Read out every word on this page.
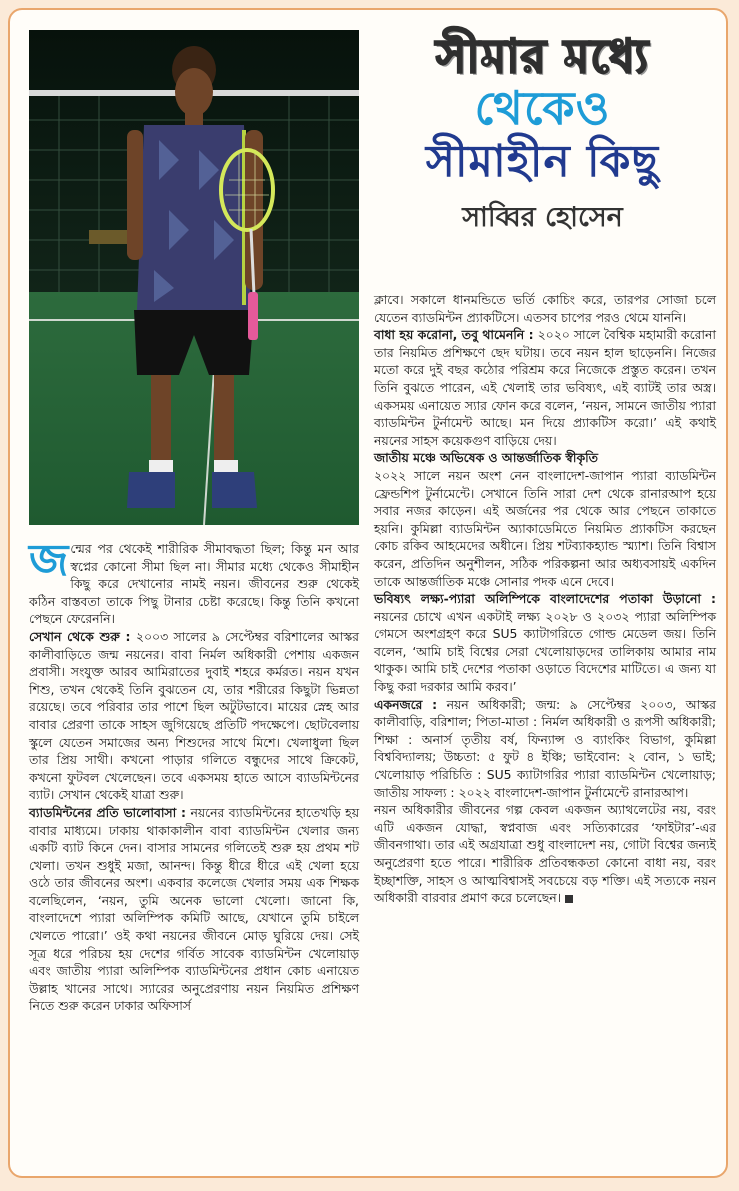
সীমার মধ্যে
থেকেও
সীমাহীন কিছু
সাব্বির হোসেন

জন্মের পর থেকেই শারীরিক সীমাবদ্ধতা ছিল; কিন্তু মন আর স্বপ্নের কোনো সীমা ছিল না। সীমার মধ্যে থেকেও সীমাহীন কিছু করে দেখানোর নামই নয়ন। জীবনের শুরু থেকেই কঠিন বাস্তবতা তাকে পিছু টানার চেষ্টা করেছে। কিন্তু তিনি কখনো পেছনে ফেরেননি।

সেখান থেকে শুরু : ২০০৩ সালের ৯ সেপ্টেম্বর বরিশালের আস্কর কালীবাড়িতে জন্ম নয়নের। বাবা নির্মল অধিকারী পেশায় একজন প্রবাসী। সংযুক্ত আরব আমিরাতের দুবাই শহরে কর্মরত। নয়ন যখন শিশু, তখন থেকেই তিনি বুঝতেন যে, তার শরীরের কিছুটা ভিন্নতা রয়েছে। তবে পরিবার তার পাশে ছিল অটুটভাবে। মায়ের স্নেহ আর বাবার প্রেরণা তাকে সাহস জুগিয়েছে প্রতিটি পদক্ষেপে। ছোটবেলায় স্কুলে যেতেন সমাজের অন্য শিশুদের সাথে মিশে। খেলাধুলা ছিল তার প্রিয় সাথী। কখনো পাড়ার গলিতে বন্ধুদের সাথে ক্রিকেট, কখনো ফুটবল খেলেছেন। তবে একসময় হাতে আসে ব্যাডমিন্টনের ব্যাট। সেখান থেকেই যাত্রা শুরু।

ব্যাডমিন্টনের প্রতি ভালোবাসা : নয়নের ব্যাডমিন্টনের হাতেখড়ি হয় বাবার মাধ্যমে। ঢাকায় থাকাকালীন বাবা ব্যাডমিন্টন খেলার জন্য একটি ব্যাট কিনে দেন। বাসার সামনের গলিতেই শুরু হয় প্রথম শট খেলা। তখন শুধুই মজা, আনন্দ। কিন্তু ধীরে ধীরে এই খেলা হয়ে ওঠে তার জীবনের অংশ। একবার কলেজে খেলার সময় এক শিক্ষক বলেছিলেন, ‘নয়ন, তুমি অনেক ভালো খেলো। জানো কি, বাংলাদেশে প্যারা অলিম্পিক কমিটি আছে, যেখানে তুমি চাইলে খেলতে পারো।’ ওই কথা নয়নের জীবনে মোড় ঘুরিয়ে দেয়। সেই সূত্র ধরে পরিচয় হয় দেশের গর্বিত সাবেক ব্যাডমিন্টন খেলোয়াড় এবং জাতীয় প্যারা অলিম্পিক ব্যাডমিন্টনের প্রধান কোচ এনায়েত উল্লাহ খানের সাথে। স্যারের অনুপ্রেরণায় নয়ন নিয়মিত প্রশিক্ষণ নিতে শুরু করেন ঢাকার অফিসার্স

ক্লাবে। সকালে ধানমন্ডিতে ভর্তি কোচিং করে, তারপর সোজা চলে যেতেন ব্যাডমিন্টন প্র্যাকটিসে। এতসব চাপের পরও থেমে যাননি।

বাধা হয় করোনা, তবু থামেননি : ২০২০ সালে বৈশ্বিক মহামারী করোনা তার নিয়মিত প্রশিক্ষণে ছেদ ঘটায়। তবে নয়ন হাল ছাড়েননি। নিজের মতো করে দুই বছর কঠোর পরিশ্রম করে নিজেকে প্রস্তুত করেন। তখন তিনি বুঝতে পারেন, এই খেলাই তার ভবিষ্যৎ, এই ব্যাটই তার অস্ত্র। একসময় এনায়েত স্যার ফোন করে বলেন, ‘নয়ন, সামনে জাতীয় প্যারা ব্যাডমিন্টন টুর্নামেন্ট আছে। মন দিয়ে প্র্যাকটিস করো।’ এই কথাই নয়নের সাহস কয়েকগুণ বাড়িয়ে দেয়।

জাতীয় মঞ্চে অভিষেক ও আন্তর্জাতিক স্বীকৃতি
২০২২ সালে নয়ন অংশ নেন বাংলাদেশ-জাপান প্যারা ব্যাডমিন্টন ফ্রেন্ডশিপ টুর্নামেন্টে। সেখানে তিনি সারা দেশ থেকে রানারআপ হয়ে সবার নজর কাড়েন। এই অর্জনের পর থেকে আর পেছনে তাকাতে হয়নি। কুমিল্লা ব্যাডমিন্টন অ্যাকাডেমিতে নিয়মিত প্র্যাকটিস করছেন কোচ রকিব আহমেদের অধীনে। প্রিয় শটব্যাকহ্যান্ড স্ম্যাশ। তিনি বিশ্বাস করেন, প্রতিদিন অনুশীলন, সঠিক পরিকল্পনা আর অধ্যবসায়ই একদিন তাকে আন্তর্জাতিক মঞ্চে সোনার পদক এনে দেবে।

ভবিষ্যৎ লক্ষ্য-প্যারা অলিম্পিকে বাংলাদেশের পতাকা উড়ানো : নয়নের চোখে এখন একটাই লক্ষ্য ২০২৮ ও ২০৩২ প্যারা অলিম্পিক গেমসে অংশগ্রহণ করে SU5 ক্যাটাগরিতে গোল্ড মেডেল জয়। তিনি বলেন, ‘আমি চাই বিশ্বের সেরা খেলোয়াড়দের তালিকায় আমার নাম থাকুক। আমি চাই দেশের পতাকা ওড়াতে বিদেশের মাটিতে। এ জন্য যা কিছু করা দরকার আমি করব।’

একনজরে : নয়ন অধিকারী; জন্ম: ৯ সেপ্টেম্বর ২০০৩, আস্কর কালীবাড়ি, বরিশাল; পিতা-মাতা : নির্মল অধিকারী ও রূপসী অধিকারী; শিক্ষা : অনার্স তৃতীয় বর্ষ, ফিন্যান্স ও ব্যাংকিং বিভাগ, কুমিল্লা বিশ্ববিদ্যালয়; উচ্চতা: ৫ ফুট ৪ ইঞ্চি; ভাইবোন: ২ বোন, ১ ভাই; খেলোয়াড় পরিচিতি : SU5 ক্যাটাগরির প্যারা ব্যাডমিন্টন খেলোয়াড়; জাতীয় সাফল্য : ২০২২ বাংলাদেশ-জাপান টুর্নামেন্টে রানারআপ।

নয়ন অধিকারীর জীবনের গল্প কেবল একজন অ্যাথলেটের নয়, বরং এটি একজন যোদ্ধা, স্বপ্নবাজ এবং সত্যিকারের ‘ফাইটার’-এর জীবনগাথা। তার এই অগ্রযাত্রা শুধু বাংলাদেশ নয়, গোটা বিশ্বের জন্যই অনুপ্রেরণা হতে পারে। শারীরিক প্রতিবন্ধকতা কোনো বাধা নয়, বরং ইচ্ছাশক্তি, সাহস ও আত্মবিশ্বাসই সবচেয়ে বড় শক্তি। এই সত্যকে নয়ন অধিকারী বারবার প্রমাণ করে চলেছেন।
